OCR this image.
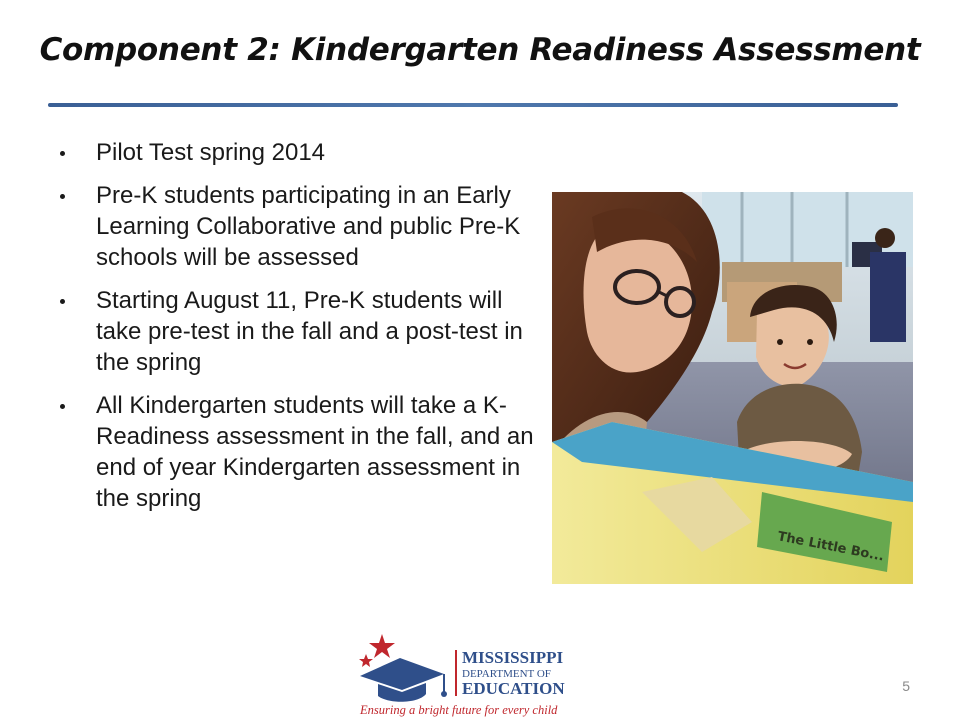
Component 2: Kindergarten Readiness Assessment
Pilot Test spring 2014
Pre-K students participating in an Early Learning Collaborative and public Pre-K schools will be assessed
Starting August 11, Pre-K students will take pre-test in the fall and a post-test in the spring
All Kindergarten students will take a K-Readiness assessment in the fall, and an end of year Kindergarten assessment in the spring
The Little Bo...
MISSISSIPPI
DEPARTMENT OF
EDUCATION
Ensuring a bright future for every child
5
